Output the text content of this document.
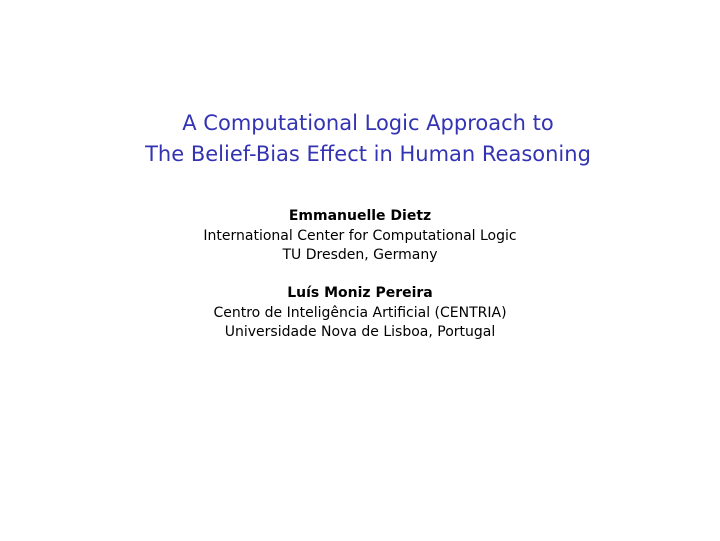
A Computational Logic Approach to
The Belief-Bias Effect in Human Reasoning
Emmanuelle Dietz
International Center for Computational Logic
TU Dresden, Germany
Luís Moniz Pereira
Centro de Inteligência Artificial (CENTRIA)
Universidade Nova de Lisboa, Portugal
